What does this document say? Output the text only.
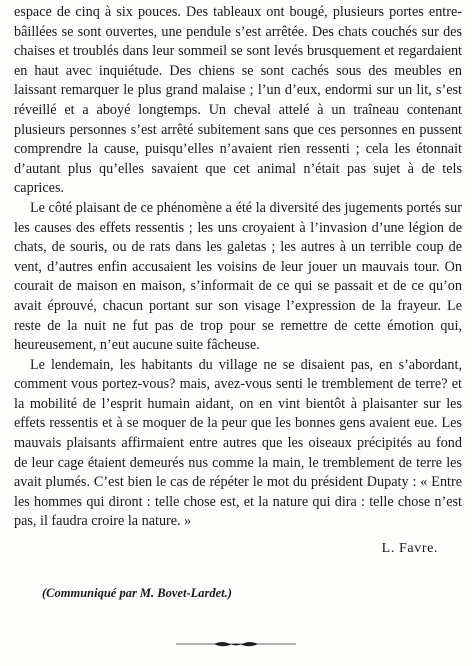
espace de cinq à six pouces. Des tableaux ont bougé, plusieurs portes entre-bâillées se sont ouvertes, une pendule s’est arrêtée. Des chats couchés sur des chaises et troublés dans leur sommeil se sont levés brusquement et regardaient en haut avec inquiétude. Des chiens se sont cachés sous des meubles en laissant remarquer le plus grand malaise ; l’un d’eux, endormi sur un lit, s’est réveillé et a aboyé longtemps. Un cheval attelé à un traîneau contenant plusieurs personnes s’est arrêté subitement sans que ces personnes en pussent comprendre la cause, puisqu’elles n’avaient rien ressenti ; cela les étonnait d’autant plus qu’elles savaient que cet animal n’était pas sujet à de tels caprices.

Le côté plaisant de ce phénomène a été la diversité des jugements portés sur les causes des effets ressentis ; les uns croyaient à l’invasion d’une légion de chats, de souris, ou de rats dans les galetas ; les autres à un terrible coup de vent, d’autres enfin accusaient les voisins de leur jouer un mauvais tour. On courait de maison en maison, s’informait de ce qui se passait et de ce qu’on avait éprouvé, chacun portant sur son visage l’expression de la frayeur. Le reste de la nuit ne fut pas de trop pour se remettre de cette émotion qui, heureusement, n’eut aucune suite fâcheuse.

Le lendemain, les habitants du village ne se disaient pas, en s’abordant, comment vous portez-vous? mais, avez-vous senti le tremblement de terre? et la mobilité de l’esprit humain aidant, on en vint bientôt à plaisanter sur les effets ressentis et à se moquer de la peur que les bonnes gens avaient eue. Les mauvais plaisants affirmaient entre autres que les oiseaux précipités au fond de leur cage étaient demeurés nus comme la main, le tremblement de terre les avait plumés. C’est bien le cas de répéter le mot du président Dupaty : « Entre les hommes qui diront : telle chose est, et la nature qui dira : telle chose n’est pas, il faudra croire la nature. »

L. Favre.
(Communiqué par M. Bovet-Lardet.)
